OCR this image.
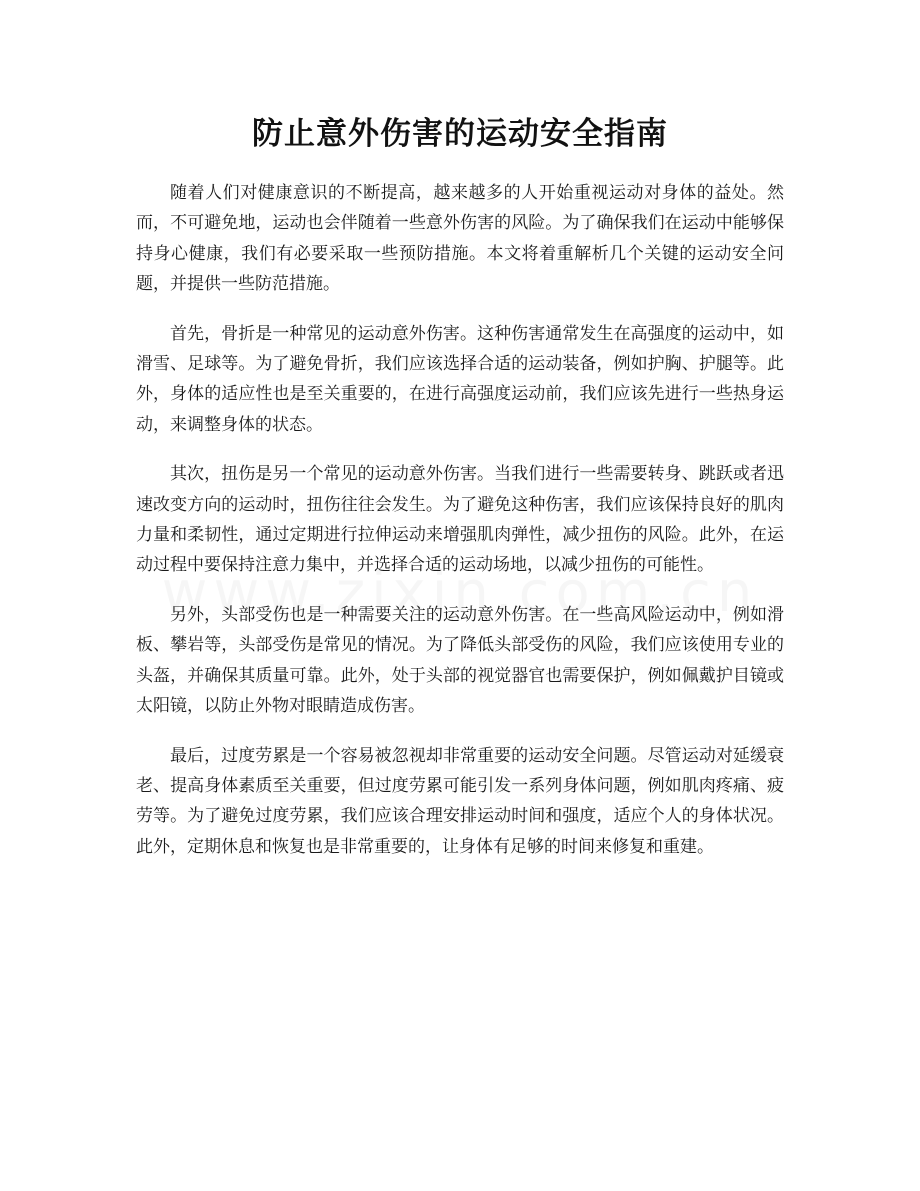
防止意外伤害的运动安全指南

随着人们对健康意识的不断提高，越来越多的人开始重视运动对身体的益处。然而，不可避免地，运动也会伴随着一些意外伤害的风险。为了确保我们在运动中能够保持身心健康，我们有必要采取一些预防措施。本文将着重解析几个关键的运动安全问题，并提供一些防范措施。

首先，骨折是一种常见的运动意外伤害。这种伤害通常发生在高强度的运动中，如滑雪、足球等。为了避免骨折，我们应该选择合适的运动装备，例如护胸、护腿等。此外，身体的适应性也是至关重要的，在进行高强度运动前，我们应该先进行一些热身运动，来调整身体的状态。

其次，扭伤是另一个常见的运动意外伤害。当我们进行一些需要转身、跳跃或者迅速改变方向的运动时，扭伤往往会发生。为了避免这种伤害，我们应该保持良好的肌肉力量和柔韧性，通过定期进行拉伸运动来增强肌肉弹性，减少扭伤的风险。此外，在运动过程中要保持注意力集中，并选择合适的运动场地，以减少扭伤的可能性。

另外，头部受伤也是一种需要关注的运动意外伤害。在一些高风险运动中，例如滑板、攀岩等，头部受伤是常见的情况。为了降低头部受伤的风险，我们应该使用专业的头盔，并确保其质量可靠。此外，处于头部的视觉器官也需要保护，例如佩戴护目镜或太阳镜，以防止外物对眼睛造成伤害。

最后，过度劳累是一个容易被忽视却非常重要的运动安全问题。尽管运动对延缓衰老、提高身体素质至关重要，但过度劳累可能引发一系列身体问题，例如肌肉疼痛、疲劳等。为了避免过度劳累，我们应该合理安排运动时间和强度，适应个人的身体状况。此外，定期休息和恢复也是非常重要的，让身体有足够的时间来修复和重建。
